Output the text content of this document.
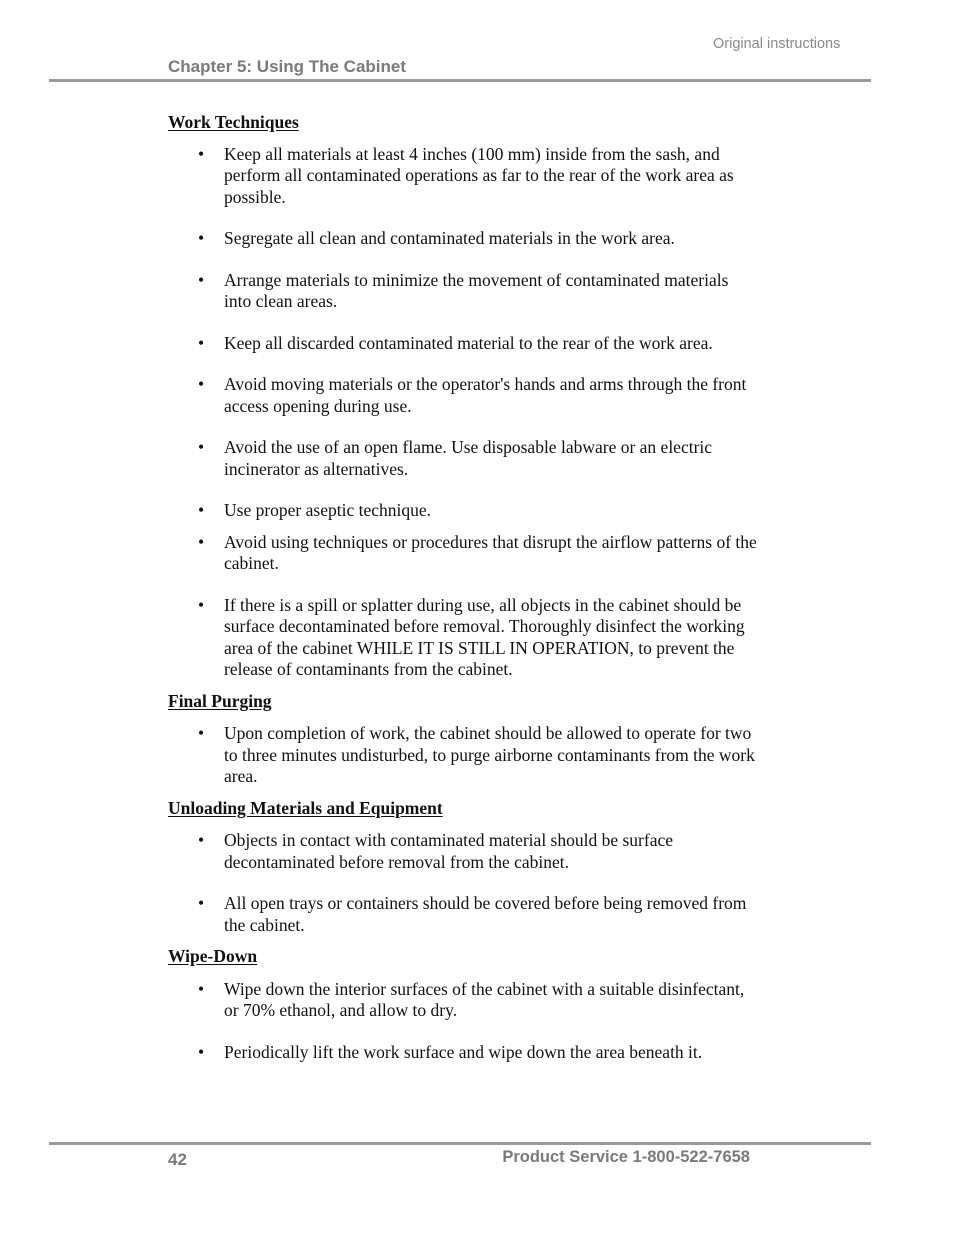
Original instructions
Chapter 5: Using The Cabinet
Work Techniques
• Keep all materials at least 4 inches (100 mm) inside from the sash, and perform all contaminated operations as far to the rear of the work area as possible.
• Segregate all clean and contaminated materials in the work area.
• Arrange materials to minimize the movement of contaminated materials into clean areas.
• Keep all discarded contaminated material to the rear of the work area.
• Avoid moving materials or the operator's hands and arms through the front access opening during use.
• Avoid the use of an open flame. Use disposable labware or an electric incinerator as alternatives.
• Use proper aseptic technique.
• Avoid using techniques or procedures that disrupt the airflow patterns of the cabinet.
• If there is a spill or splatter during use, all objects in the cabinet should be surface decontaminated before removal. Thoroughly disinfect the working area of the cabinet WHILE IT IS STILL IN OPERATION, to prevent the release of contaminants from the cabinet.
Final Purging
• Upon completion of work, the cabinet should be allowed to operate for two to three minutes undisturbed, to purge airborne contaminants from the work area.
Unloading Materials and Equipment
• Objects in contact with contaminated material should be surface decontaminated before removal from the cabinet.
• All open trays or containers should be covered before being removed from the cabinet.
Wipe-Down
• Wipe down the interior surfaces of the cabinet with a suitable disinfectant, or 70% ethanol, and allow to dry.
• Periodically lift the work surface and wipe down the area beneath it.
42	Product Service 1-800-522-7658
